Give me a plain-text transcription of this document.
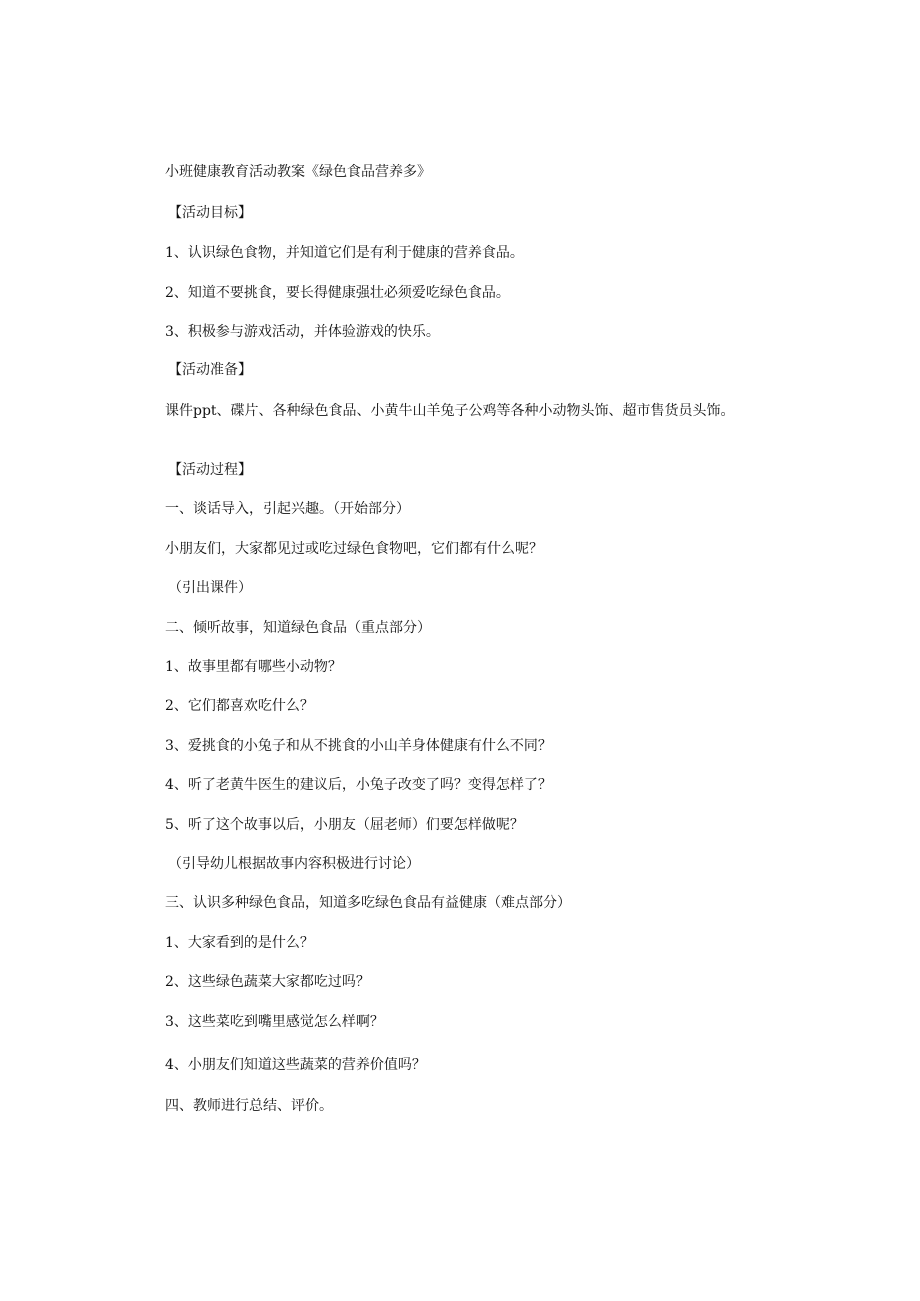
小班健康教育活动教案《绿色食品营养多》
【活动目标】
1、认识绿色食物，并知道它们是有利于健康的营养食品。
2、知道不要挑食，要长得健康强壮必须爱吃绿色食品。
3、积极参与游戏活动，并体验游戏的快乐。
【活动准备】
课件ppt、碟片、各种绿色食品、小黄牛山羊兔子公鸡等各种小动物头饰、超市售货员头饰。
【活动过程】
一、谈话导入，引起兴趣。（开始部分）
小朋友们，大家都见过或吃过绿色食物吧，它们都有什么呢？
（引出课件）
二、倾听故事，知道绿色食品（重点部分）
1、故事里都有哪些小动物？
2、它们都喜欢吃什么？
3、爱挑食的小兔子和从不挑食的小山羊身体健康有什么不同？
4、听了老黄牛医生的建议后，小兔子改变了吗？变得怎样了？
5、听了这个故事以后，小朋友（屈老师）们要怎样做呢？
（引导幼儿根据故事内容积极进行讨论）
三、认识多种绿色食品，知道多吃绿色食品有益健康（难点部分）
1、大家看到的是什么？
2、这些绿色蔬菜大家都吃过吗？
3、这些菜吃到嘴里感觉怎么样啊？
4、小朋友们知道这些蔬菜的营养价值吗？
四、教师进行总结、评价。
